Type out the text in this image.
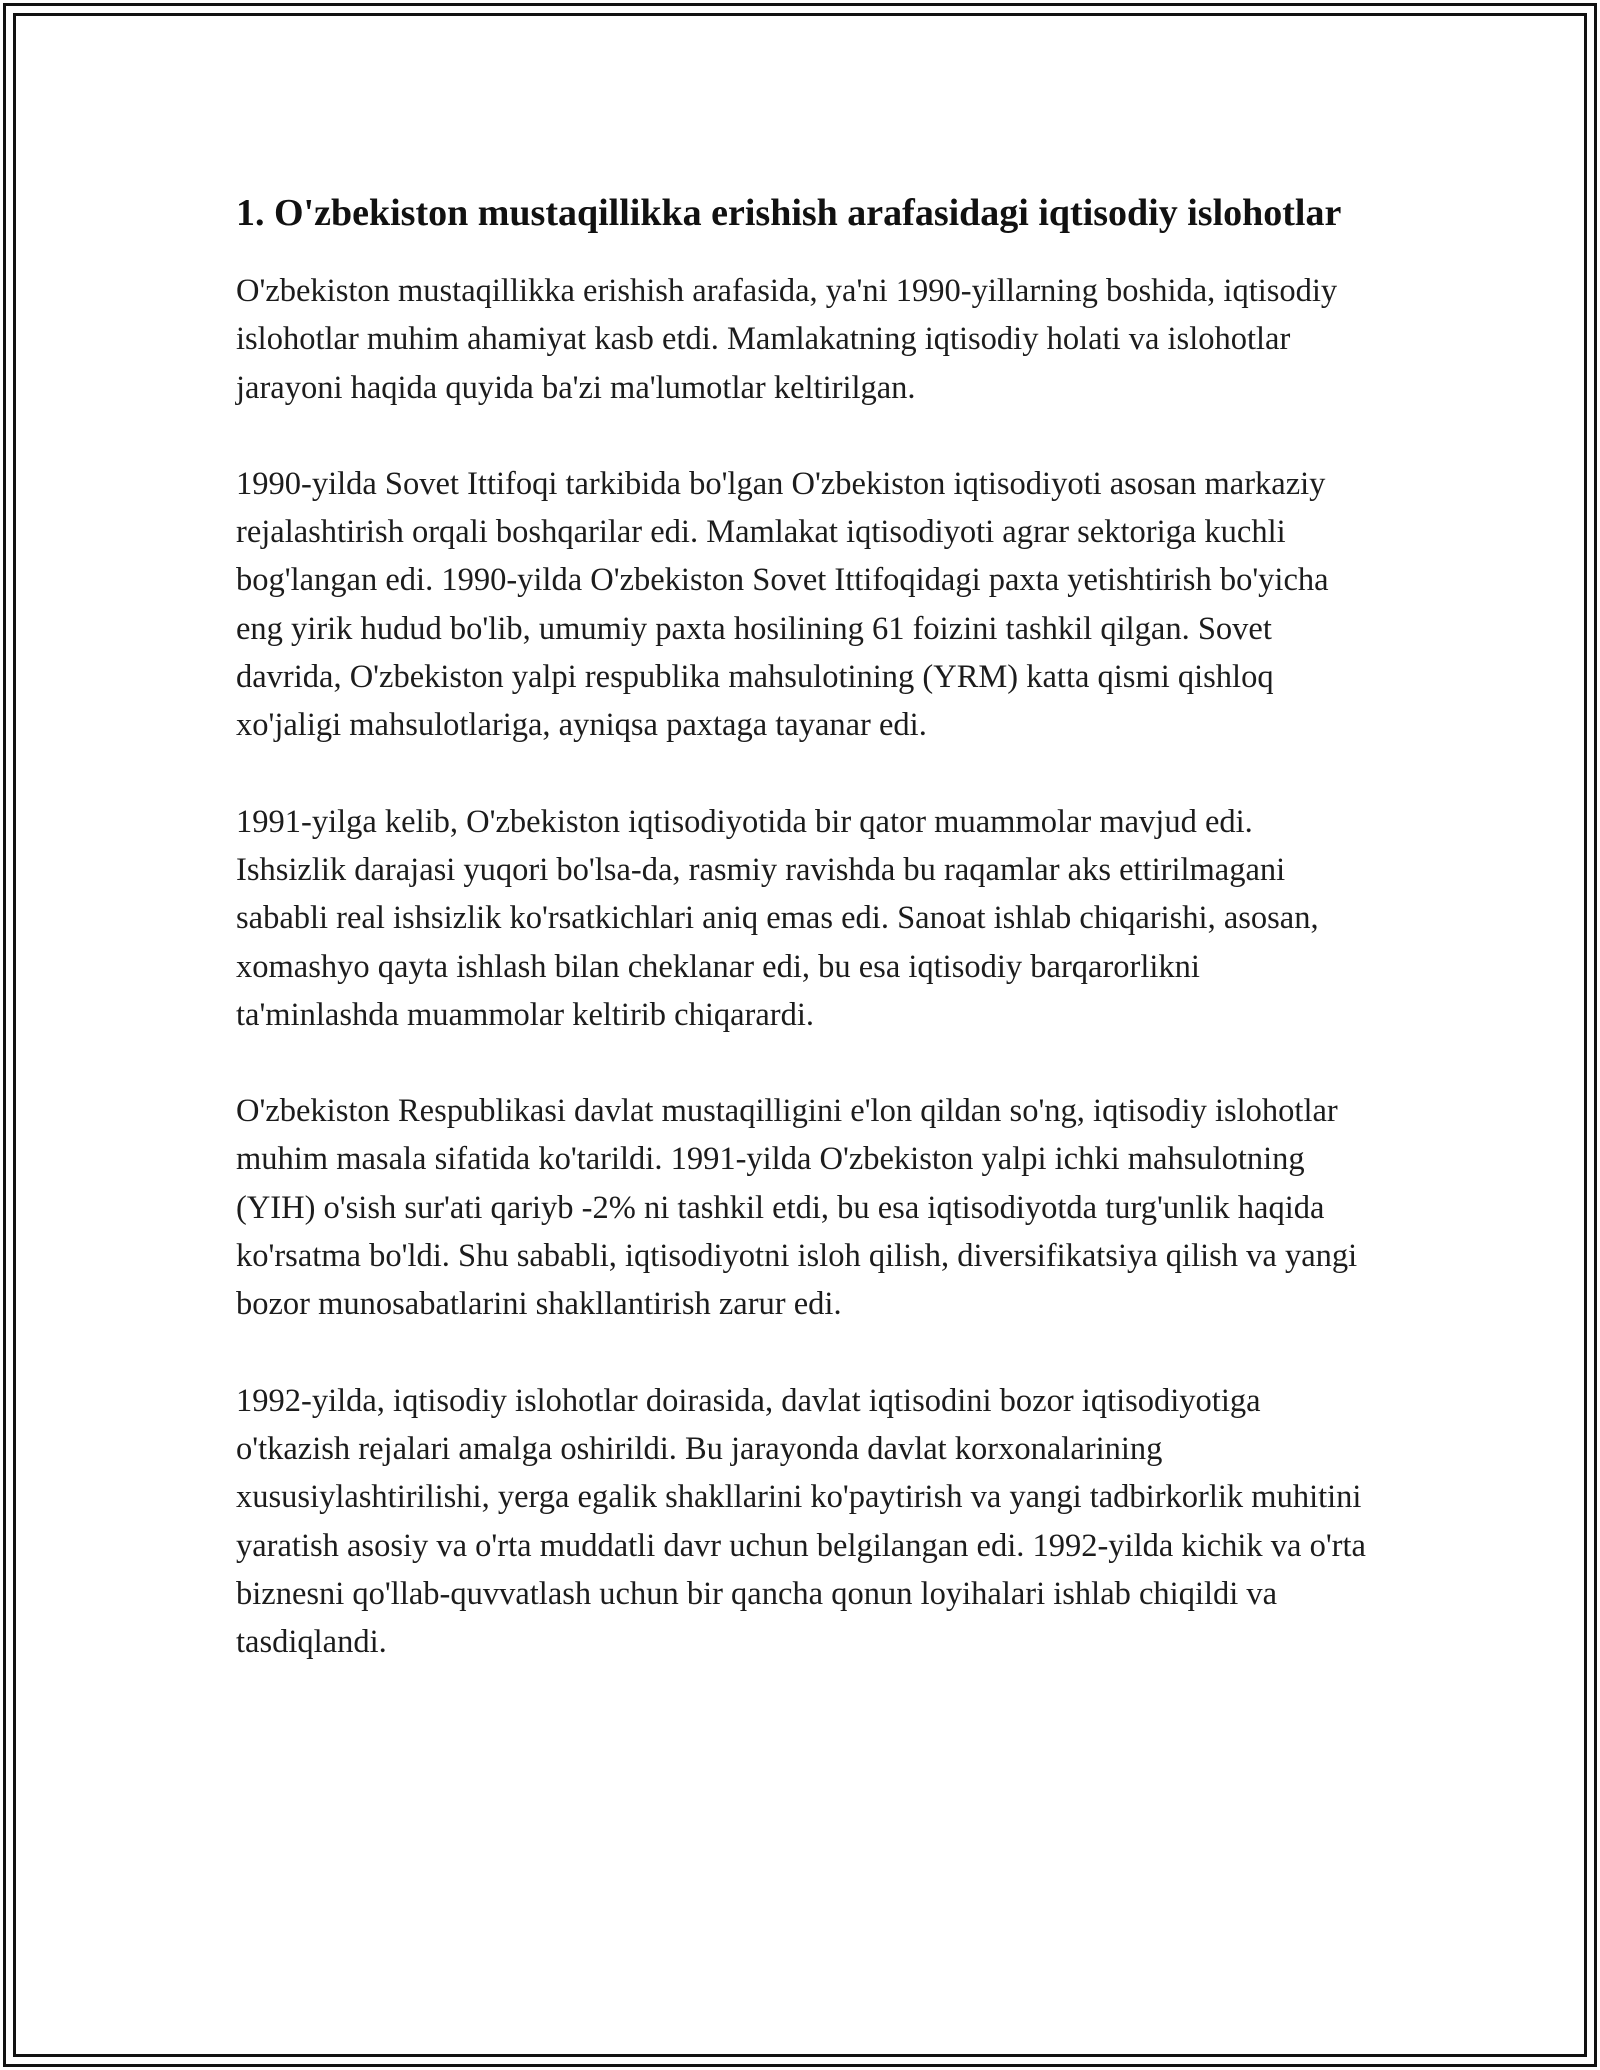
1. O'zbekiston mustaqillikka erishish arafasidagi iqtisodiy islohotlar

O'zbekiston mustaqillikka erishish arafasida, ya'ni 1990-yillarning boshida, iqtisodiy islohotlar muhim ahamiyat kasb etdi. Mamlakatning iqtisodiy holati va islohotlar jarayoni haqida quyida ba'zi ma'lumotlar keltirilgan.

1990-yilda Sovet Ittifoqi tarkibida bo'lgan O'zbekiston iqtisodiyoti asosan markaziy rejalashtirish orqali boshqarilar edi. Mamlakat iqtisodiyoti agrar sektoriga kuchli bog'langan edi. 1990-yilda O'zbekiston Sovet Ittifoqidagi paxta yetishtirish bo'yicha eng yirik hudud bo'lib, umumiy paxta hosilining 61 foizini tashkil qilgan. Sovet davrida, O'zbekiston yalpi respublika mahsulotining (YRM) katta qismi qishloq xo'jaligi mahsulotlariga, ayniqsa paxtaga tayanar edi.

1991-yilga kelib, O'zbekiston iqtisodiyotida bir qator muammolar mavjud edi. Ishsizlik darajasi yuqori bo'lsa-da, rasmiy ravishda bu raqamlar aks ettirilmagani sababli real ishsizlik ko'rsatkichlari aniq emas edi. Sanoat ishlab chiqarishi, asosan, xomashyo qayta ishlash bilan cheklanar edi, bu esa iqtisodiy barqarorlikni ta'minlashda muammolar keltirib chiqarardi.

O'zbekiston Respublikasi davlat mustaqilligini e'lon qildan so'ng, iqtisodiy islohotlar muhim masala sifatida ko'tarildi. 1991-yilda O'zbekiston yalpi ichki mahsulotning (YIH) o'sish sur'ati qariyb -2% ni tashkil etdi, bu esa iqtisodiyotda turg'unlik haqida ko'rsatma bo'ldi. Shu sababli, iqtisodiyotni isloh qilish, diversifikatsiya qilish va yangi bozor munosabatlarini shakllantirish zarur edi.

1992-yilda, iqtisodiy islohotlar doirasida, davlat iqtisodini bozor iqtisodiyotiga o'tkazish rejalari amalga oshirildi. Bu jarayonda davlat korxonalarining xususiylashtirilishi, yerga egalik shakllarini ko'paytirish va yangi tadbirkorlik muhitini yaratish asosiy va o'rta muddatli davr uchun belgilangan edi. 1992-yilda kichik va o'rta biznesni qo'llab-quvvatlash uchun bir qancha qonun loyihalari ishlab chiqildi va tasdiqlandi.
